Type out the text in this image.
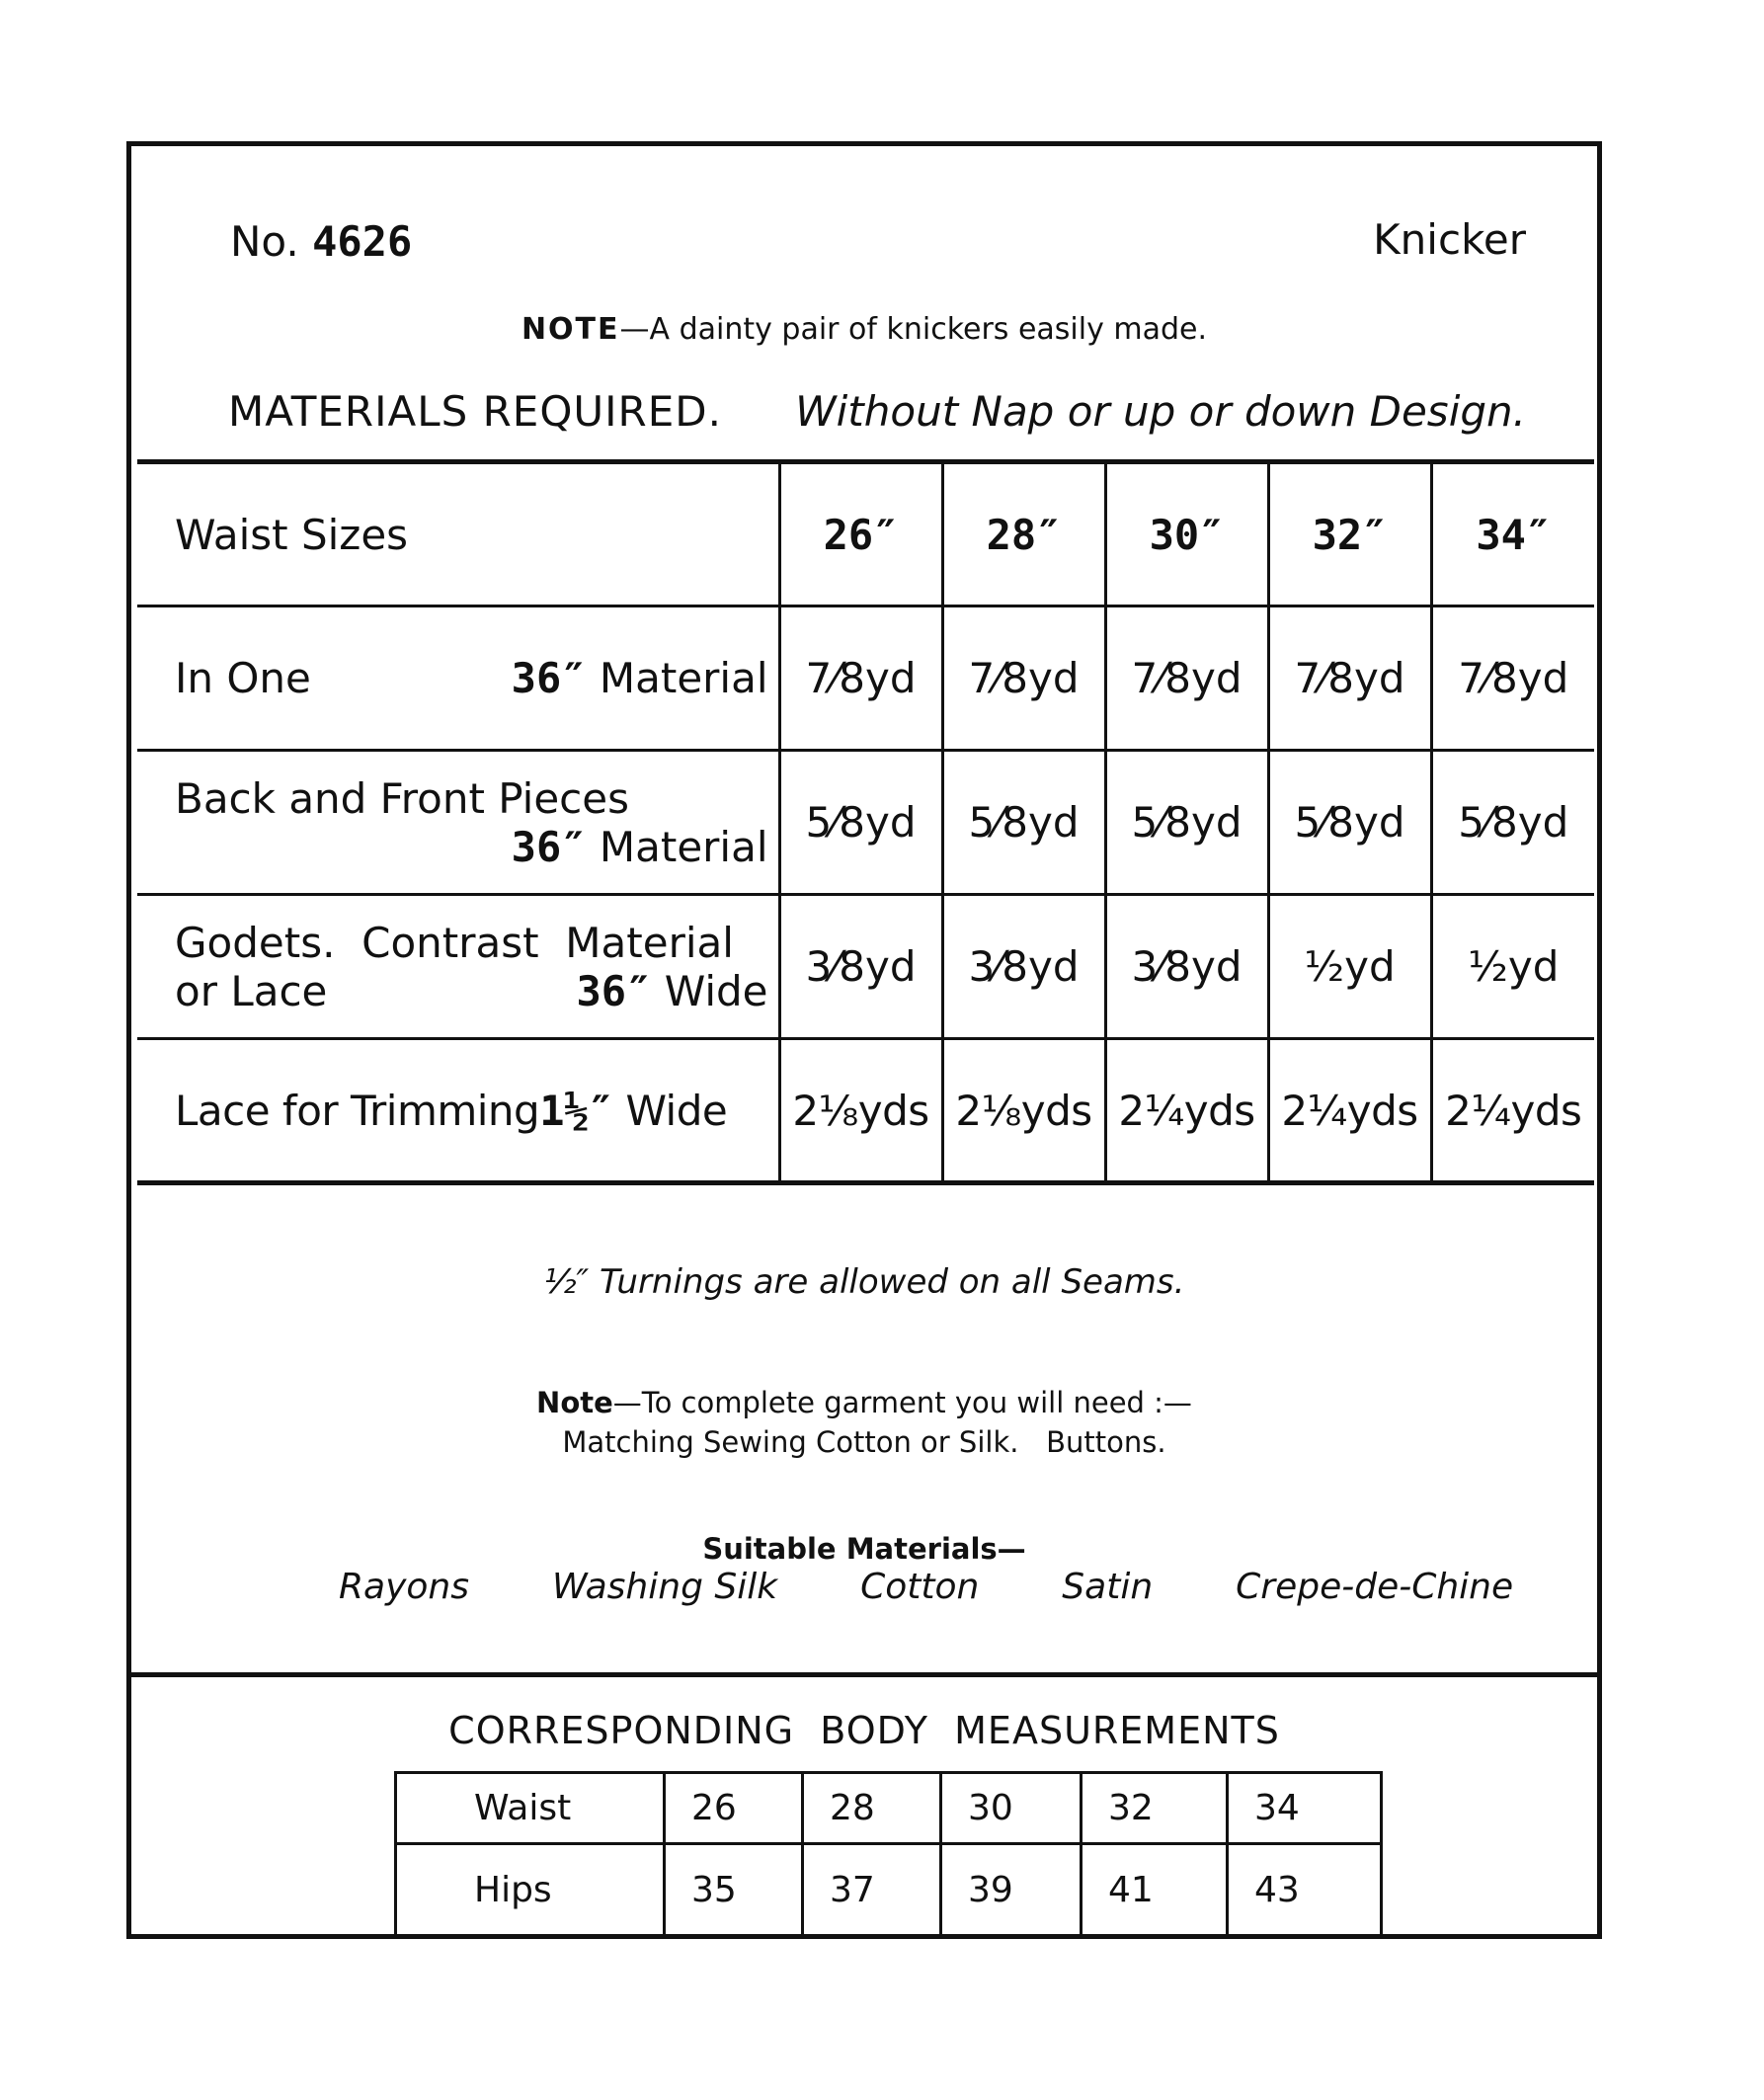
No. 4626	Knicker
NOTE—A dainty pair of knickers easily made.
MATERIALS REQUIRED. Without Nap or up or down Design.
Waist Sizes	26″	28″	30″	32″	34″

In One 36″ Material	7⁄8yd	7⁄8yd	7⁄8yd	7⁄8yd	7⁄8yd

Back and Front Pieces
36″ Material	5⁄8yd	5⁄8yd	5⁄8yd	5⁄8yd	5⁄8yd

Godets.  Contrast  Material
or Lace 36″ Wide	3⁄8yd	3⁄8yd	3⁄8yd	½yd	½yd
Lace for Trimming1½″ Wide	2⅛yds	2⅛yds	2¼yds	2¼yds	2¼yds
½″ Turnings are allowed on all Seams.
Note—To complete garment you will need :—
Matching Sewing Cotton or Silk.   Buttons.
Suitable Materials—
Rayons Washing Silk Cotton Satin Crepe-de-Chine
CORRESPONDING  BODY  MEASUREMENTS
Waist	26	28	30	32	34
Hips	35	37	39	41	43
